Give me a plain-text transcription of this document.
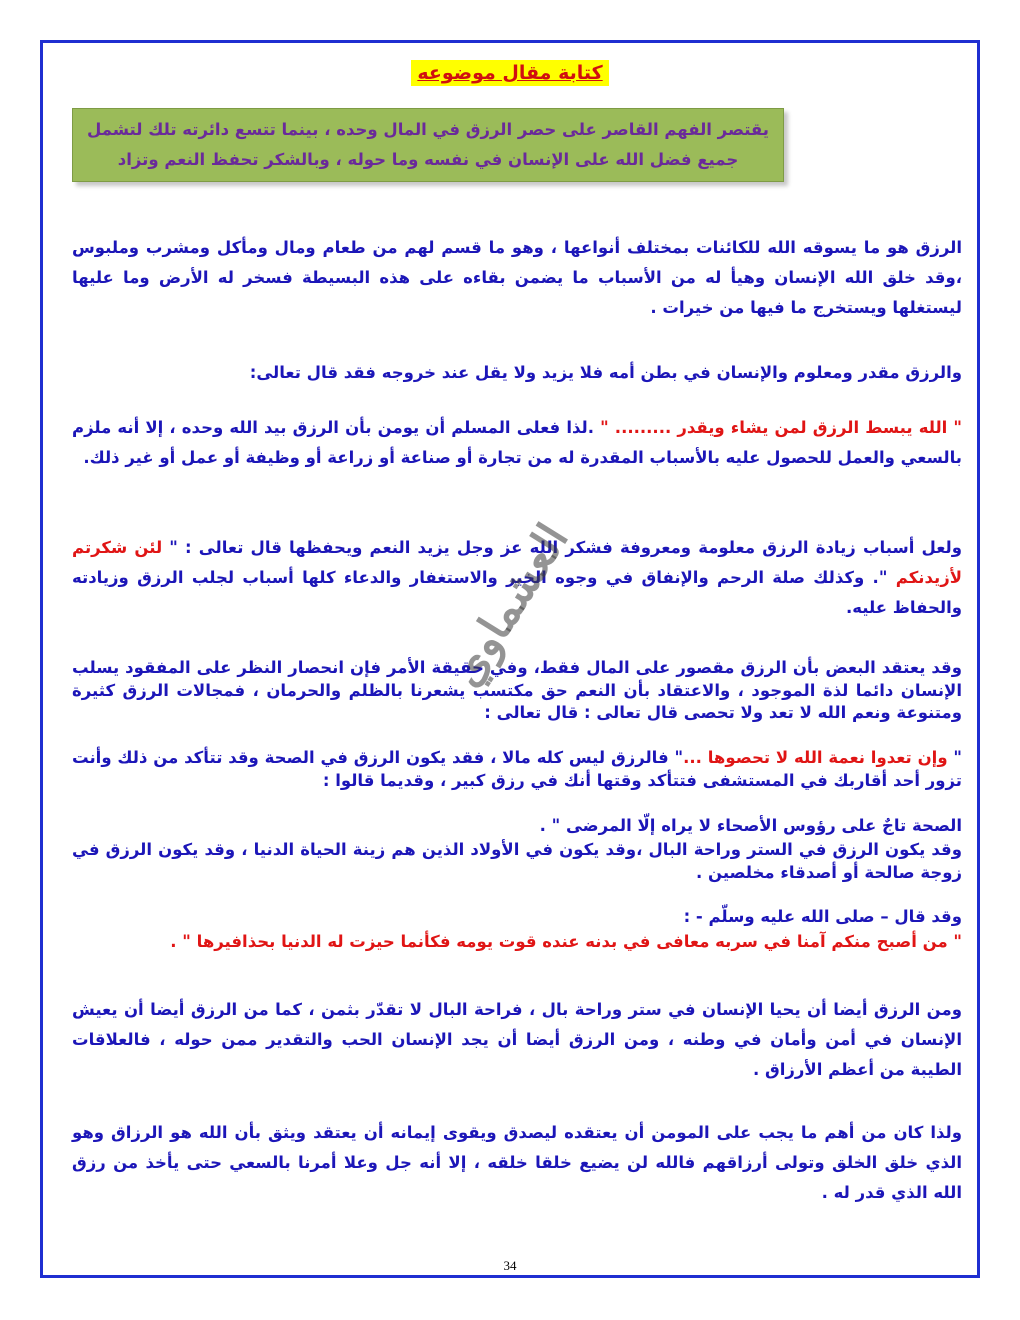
كتابة مقال موضوعه
يقتصر الفهم القاصر على حصر الرزق في المال وحده ، بينما تتسع دائرته تلك لتشمل جميع فضل الله على الإنسان في نفسه وما حوله ، وبالشكر تحفظ النعم وتزاد
الرزق هو ما يسوقه الله للكائنات بمختلف أنواعها ، وهو ما قسم لهم من طعام ومال ومأكل ومشرب وملبوس ،وقد خلق الله الإنسان وهيأ له من الأسباب ما يضمن بقاءه على هذه البسيطة فسخر له الأرض وما عليها ليستغلها ويستخرج ما فيها من خيرات .
والرزق مقدر ومعلوم والإنسان في بطن أمه فلا يزيد ولا يقل عند خروجه فقد قال تعالى:
" الله يبسط الرزق لمن يشاء ويقدر ......... " .لذا فعلى المسلم أن يومن بأن الرزق بيد الله وحده ، إلا أنه ملزم بالسعي والعمل للحصول عليه بالأسباب المقدرة له من تجارة أو صناعة أو زراعة أو وظيفة أو عمل أو غير ذلك.
ولعل أسباب زيادة الرزق معلومة ومعروفة فشكر الله عز وجل يزيد النعم ويحفظها قال تعالى : " لئن شكرتم لأزيدنكم ". وكذلك صلة الرحم والإنفاق في وجوه الخير والاستغفار والدعاء كلها أسباب لجلب الرزق وزيادته والحفاظ عليه.
وقد يعتقد البعض بأن الرزق مقصور على المال فقط، وفي حقيقة الأمر فإن انحصار النظر على المفقود يسلب الإنسان دائما لذة الموجود ، والاعتقاد بأن النعم حق مكتسب يشعرنا بالظلم والحرمان ، فمجالات الرزق كثيرة ومتنوعة ونعم الله لا تعد ولا تحصى قال تعالى : قال تعالى :
" وإن تعدوا نعمة الله لا تحصوها ..." فالرزق ليس كله مالا ، فقد يكون الرزق في الصحة وقد تتأكد من ذلك وأنت تزور أحد أقاربك في المستشفى فتتأكد وقتها أنك في رزق كبير ، وقديما قالوا :
الصحة تاجٌ على رؤوس الأصحاء لا يراه إلّا المرضى " .
وقد يكون الرزق في الستر وراحة البال ،وقد يكون في الأولاد الذين هم زينة الحياة الدنيا ، وقد يكون الرزق في زوجة صالحة أو أصدقاء مخلصين .
وقد قال – صلى الله عليه وسلّم - :
" من أصبح منكم آمنا في سربه معافى في بدنه عنده قوت يومه فكأنما حيزت له الدنيا بحذافيرها " .
ومن الرزق أيضا أن يحيا الإنسان في ستر وراحة بال ، فراحة البال لا تقدّر بثمن ، كما من الرزق أيضا أن يعيش الإنسان في أمن وأمان في وطنه ، ومن الرزق أيضا أن يجد الإنسان الحب والتقدير ممن حوله ، فالعلاقات الطيبة من أعظم الأرزاق .
ولذا كان من أهم ما يجب على المومن أن يعتقده ليصدق ويقوى إيمانه أن يعتقد ويثق بأن الله هو الرزاق وهو الذي خلق الخلق وتولى أرزاقهم فالله لن يضيع خلقا خلقه ، إلا أنه جل وعلا أمرنا بالسعي حتى يأخذ من رزق الله الذي قدر له .
العشماوي
34
